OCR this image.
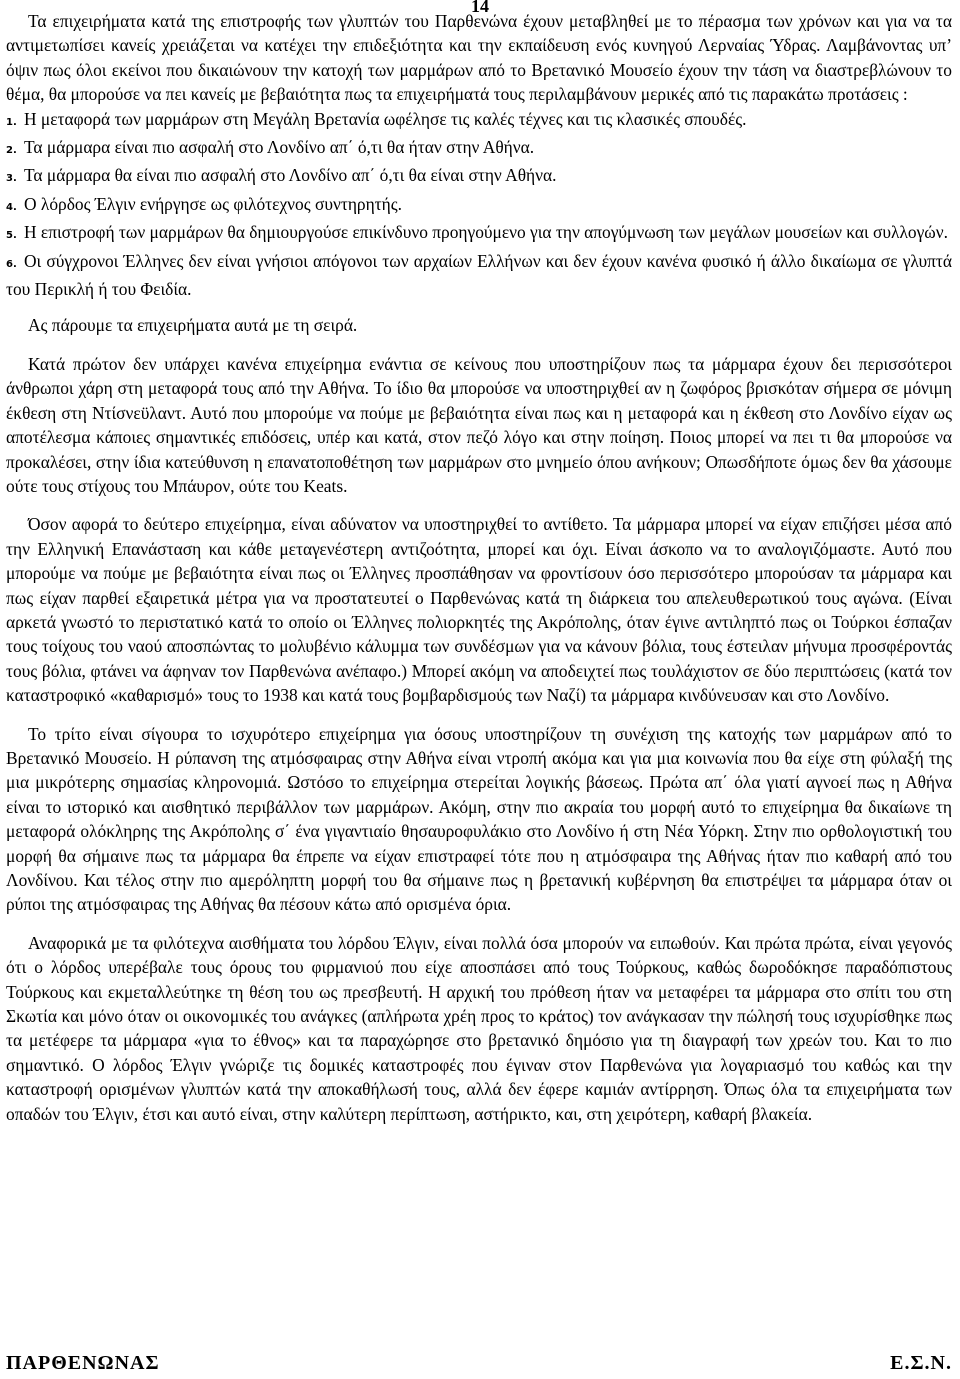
14

Τα επιχειρήματα κατά της επιστροφής των γλυπτών του Παρθενώνα έχουν μεταβληθεί με το πέρασμα των χρόνων και για να τα αντιμετωπίσει κανείς χρειάζεται να κατέχει την επιδεξιότητα και την εκπαίδευση ενός κυνηγού Λερναίας Ύδρας. Λαμβάνοντας υπ’ όψιν πως όλοι εκείνοι που δικαιώνουν την κατοχή των μαρμάρων από το Βρετανικό Μουσείο έχουν την τάση να διαστρεβλώνουν το θέμα, θα μπορούσε να πει κανείς με βεβαιότητα πως τα επιχειρήματά τους περιλαμβάνουν μερικές από τις παρακάτω προτάσεις :

1. Η μεταφορά των μαρμάρων στη Μεγάλη Βρετανία ωφέλησε τις καλές τέχνες και τις κλασικές σπουδές.
2. Τα μάρμαρα είναι πιο ασφαλή στο Λονδίνο απ΄ ό,τι θα ήταν στην Αθήνα.
3. Τα μάρμαρα θα είναι πιο ασφαλή στο Λονδίνο απ΄ ό,τι θα είναι στην Αθήνα.
4. Ο λόρδος Έλγιν ενήργησε ως φιλότεχνος συντηρητής.
5. Η επιστροφή των μαρμάρων θα δημιουργούσε επικίνδυνο προηγούμενο για την απογύμνωση των μεγάλων μουσείων και συλλογών.
6. Οι σύγχρονοι Έλληνες δεν είναι γνήσιοι απόγονοι των αρχαίων Ελλήνων και δεν έχουν κανένα φυσικό ή άλλο δικαίωμα σε γλυπτά του Περικλή ή του Φειδία.

Ας πάρουμε τα επιχειρήματα αυτά με τη σειρά.

Κατά πρώτον δεν υπάρχει κανένα επιχείρημα ενάντια σε κείνους που υποστηρίζουν πως τα μάρμαρα έχουν δει περισσότεροι άνθρωποι χάρη στη μεταφορά τους από την Αθήνα. Το ίδιο θα μπορούσε να υποστηριχθεί αν η ζωφόρος βρισκόταν σήμερα σε μόνιμη έκθεση στη Ντίσνεϋλαντ. Αυτό που μπορούμε να πούμε με βεβαιότητα είναι πως και η μεταφορά και η έκθεση στο Λονδίνο είχαν ως αποτέλεσμα κάποιες σημαντικές επιδόσεις, υπέρ και κατά, στον πεζό λόγο και στην ποίηση. Ποιος μπορεί να πει τι θα μπορούσε να προκαλέσει, στην ίδια κατεύθυνση η επανατοποθέτηση των μαρμάρων στο μνημείο όπου ανήκουν; Οπωσδήποτε όμως δεν θα χάσουμε ούτε τους στίχους του Μπάυρον, ούτε του Keats.

Όσον αφορά το δεύτερο επιχείρημα, είναι αδύνατον να υποστηριχθεί το αντίθετο. Τα μάρμαρα μπορεί να είχαν επιζήσει μέσα από την Ελληνική Επανάσταση και κάθε μεταγενέστερη αντιζοότητα, μπορεί και όχι. Είναι άσκοπο να το αναλογιζόμαστε. Αυτό που μπορούμε να πούμε με βεβαιότητα είναι πως οι Έλληνες προσπάθησαν να φροντίσουν όσο περισσότερο μπορούσαν τα μάρμαρα και πως είχαν παρθεί εξαιρετικά μέτρα για να προστατευτεί ο Παρθενώνας κατά τη διάρκεια του απελευθερωτικού τους αγώνα. (Είναι αρκετά γνωστό το περιστατικό κατά το οποίο οι Έλληνες πολιορκητές της Ακρόπολης, όταν έγινε αντιληπτό πως οι Τούρκοι έσπαζαν τους τοίχους του ναού αποσπώντας το μολυβένιο κάλυμμα των συνδέσμων για να κάνουν βόλια, τους έστειλαν μήνυμα προσφέροντάς τους βόλια, φτάνει να άφηναν τον Παρθενώνα ανέπαφο.) Μπορεί ακόμη να αποδειχτεί πως τουλάχιστον σε δύο περιπτώσεις (κατά τον καταστροφικό «καθαρισμό» τους το 1938 και κατά τους βομβαρδισμούς των Ναζί) τα μάρμαρα κινδύνευσαν και στο Λονδίνο.

Το τρίτο είναι σίγουρα το ισχυρότερο επιχείρημα για όσους υποστηρίζουν τη συνέχιση της κατοχής των μαρμάρων από το Βρετανικό Μουσείο. Η ρύπανση της ατμόσφαιρας στην Αθήνα είναι ντροπή ακόμα και για μια κοινωνία που θα είχε στη φύλαξή της μια μικρότερης σημασίας κληρονομιά. Ωστόσο το επιχείρημα στερείται λογικής βάσεως. Πρώτα απ΄ όλα γιατί αγνοεί πως η Αθήνα είναι το ιστορικό και αισθητικό περιβάλλον των μαρμάρων. Ακόμη, στην πιο ακραία του μορφή αυτό το επιχείρημα θα δικαίωνε τη μεταφορά ολόκληρης της Ακρόπολης σ΄ ένα γιγαντιαίο θησαυροφυλάκιο στο Λονδίνο ή στη Νέα Υόρκη. Στην πιο ορθολογιστική του μορφή θα σήμαινε πως τα μάρμαρα θα έπρεπε να είχαν επιστραφεί τότε που η ατμόσφαιρα της Αθήνας ήταν πιο καθαρή από του Λονδίνου. Και τέλος στην πιο αμερόληπτη μορφή του θα σήμαινε πως η βρετανική κυβέρνηση θα επιστρέψει τα μάρμαρα όταν οι ρύποι της ατμόσφαιρας της Αθήνας θα πέσουν κάτω από ορισμένα όρια.

Αναφορικά με τα φιλότεχνα αισθήματα του λόρδου Έλγιν, είναι πολλά όσα μπορούν να ειπωθούν. Και πρώτα πρώτα, είναι γεγονός ότι ο λόρδος υπερέβαλε τους όρους του φιρμανιού που είχε αποσπάσει από τους Τούρκους, καθώς δωροδόκησε παραδόπιστους Τούρκους και εκμεταλλεύτηκε τη θέση του ως πρεσβευτή. Η αρχική του πρόθεση ήταν να μεταφέρει τα μάρμαρα στο σπίτι του στη Σκωτία και μόνο όταν οι οικονομικές του ανάγκες (απλήρωτα χρέη προς το κράτος) τον ανάγκασαν την πώλησή τους ισχυρίσθηκε πως τα μετέφερε τα μάρμαρα «για το έθνος» και τα παραχώρησε στο βρετανικό δημόσιο για τη διαγραφή των χρεών του. Και το πιο σημαντικό. Ο λόρδος Έλγιν γνώριζε τις δομικές καταστροφές που έγιναν στον Παρθενώνα για λογαριασμό του καθώς και την καταστροφή ορισμένων γλυπτών κατά την αποκαθήλωσή τους, αλλά δεν έφερε καμιάν αντίρρηση. Όπως όλα τα επιχειρήματα των οπαδών του Έλγιν, έτσι και αυτό είναι, στην καλύτερη περίπτωση, αστήρικτο, και, στη χειρότερη, καθαρή βλακεία.

ΠΑΡΘΕΝΩΝΑΣ	Ε.Σ.Ν.
